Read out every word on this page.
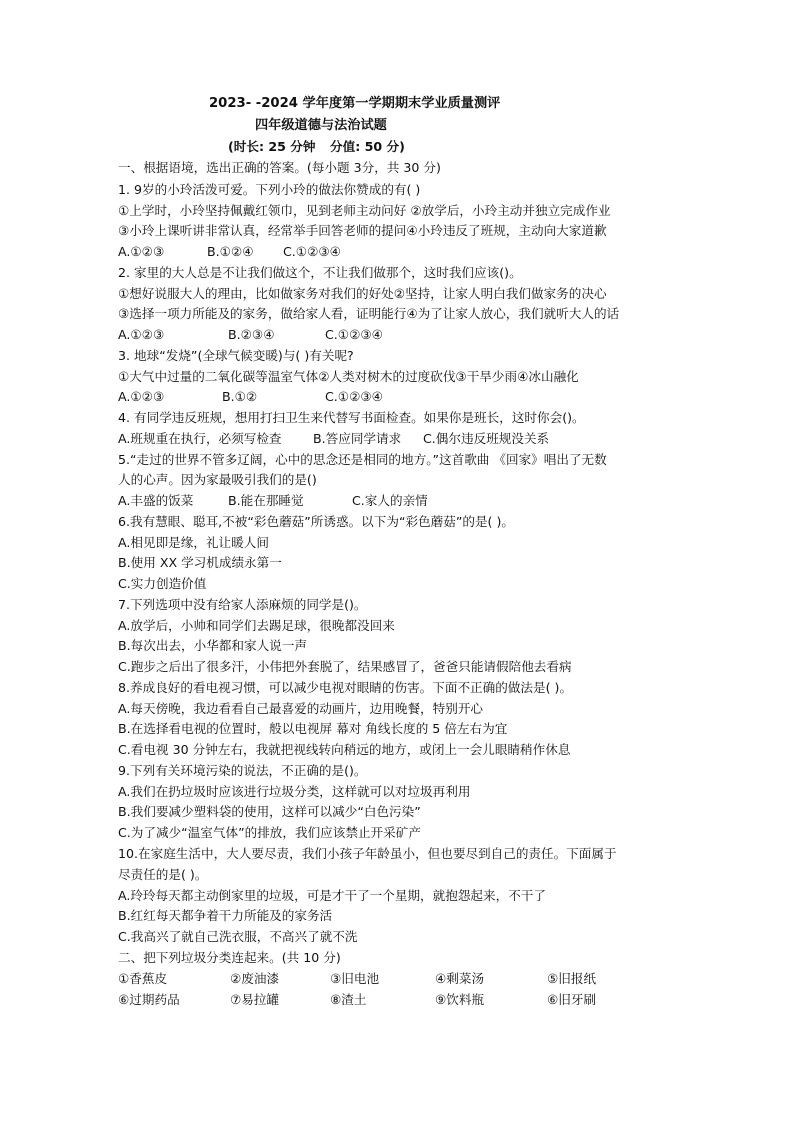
2023- -2024 学年度第一学期期末学业质量测评
四年级道德与法治试题
(时长: 25 分钟 分值: 50 分)
一、根据语境，选出正确的答案。(每小题 3分，共 30 分)
1. 9岁的小玲活泼可爱。下列小玲的做法你赞成的有( )
①上学时，小玲坚持佩戴红领巾，见到老师主动问好 ②放学后，小玲主动并独立完成作业
③小玲上课听讲非常认真，经常举手回答老师的提问④小玲违反了班规，主动向大家道歉
A.①②③	B.①②④ C.①②③④
2. 家里的大人总是不让我们做这个，不让我们做那个，这时我们应该()。
①想好说服大人的理由，比如做家务对我们的好处②坚持，让家人明白我们做家务的决心
③选择一项力所能及的家务，做给家人看，证明能行④为了让家人放心，我们就听大人的话
A.①②③	B.②③④	C.①②③④
3. 地球“发烧”(全球气候变暖)与( )有关呢?
①大气中过量的二氧化碳等温室气体②人类对树木的过度砍伐③干旱少雨④冰山融化
A.①②③	B.①②	C.①②③④
4. 有同学违反班规，想用打扫卫生来代替写书面检查。如果你是班长，这时你会()。
A.班规重在执行，必须写检查 B.答应同学请求 C.偶尔违反班规没关系
5.“走过的世界不管多辽阔，心中的思念还是相同的地方。”这首歌曲 《回家》唱出了无数
人的心声。因为家最吸引我们的是()
A.丰盛的饭菜	B.能在那睡觉	C.家人的亲情
6.我有慧眼、聪耳,不被“彩色蘑菇”所诱惑。以下为“彩色蘑菇”的是( )。
A.相见即是缘，礼让暖人间
B.使用 XX 学习机成绩永第一
C.实力创造价值
7.下列选项中没有给家人添麻烦的同学是()。
A.放学后，小帅和同学们去踢足球，很晚都没回来
B.每次出去，小华都和家人说一声
C.跑步之后出了很多汗，小伟把外套脱了，结果感冒了，爸爸只能请假陪他去看病
8.养成良好的看电视习惯，可以减少电视对眼睛的伤害。下面不正确的做法是( )。
A.每天傍晚，我边看看自己最喜爱的动画片，边用晚餐，特别开心
B.在选择看电视的位置时，般以电视屏 幕对 角线长度的 5 倍左右为宜
C.看电视 30 分钟左右，我就把视线转向稍远的地方，或闭上一会儿眼睛稍作休息
9.下列有关环境污染的说法，不正确的是()。
A.我们在扔垃圾时应该进行垃圾分类，这样就可以对垃圾再利用
B.我们要减少塑料袋的使用，这样可以减少“白色污染”
C.为了减少“温室气体”的排放，我们应该禁止开采矿产
10.在家庭生活中，大人要尽责，我们小孩子年龄虽小，但也要尽到自己的责任。下面属于
尽责任的是( )。
A.玲玲每天都主动倒家里的垃圾，可是才干了一个星期，就抱怨起来，不干了
B.红红每天都争着干力所能及的家务活
C.我高兴了就自己洗衣服，不高兴了就不洗
二、把下列垃圾分类连起来。(共 10 分)
①香蕉皮	②废油漆	③旧电池	④剩菜汤	⑤旧报纸
⑥过期药品	⑦易拉罐	⑧渣土	⑨饮料瓶	⑥旧牙刷
